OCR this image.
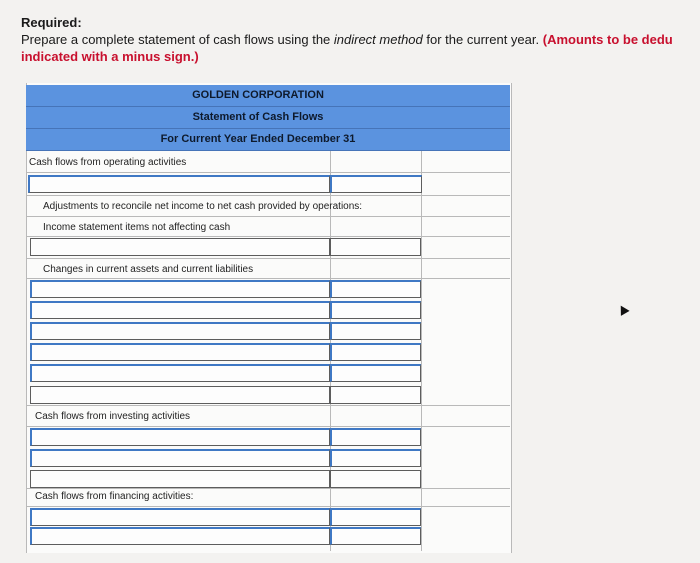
Required:
Prepare a complete statement of cash flows using the indirect method for the current year. (Amounts to be dedu
indicated with a minus sign.)
GOLDEN CORPORATION
Statement of Cash Flows
For Current Year Ended December 31
Cash flows from operating activities
Adjustments to reconcile net income to net cash provided by operations:
Income statement items not affecting cash
Changes in current assets and current liabilities
Cash flows from investing activities
Cash flows from financing activities:
